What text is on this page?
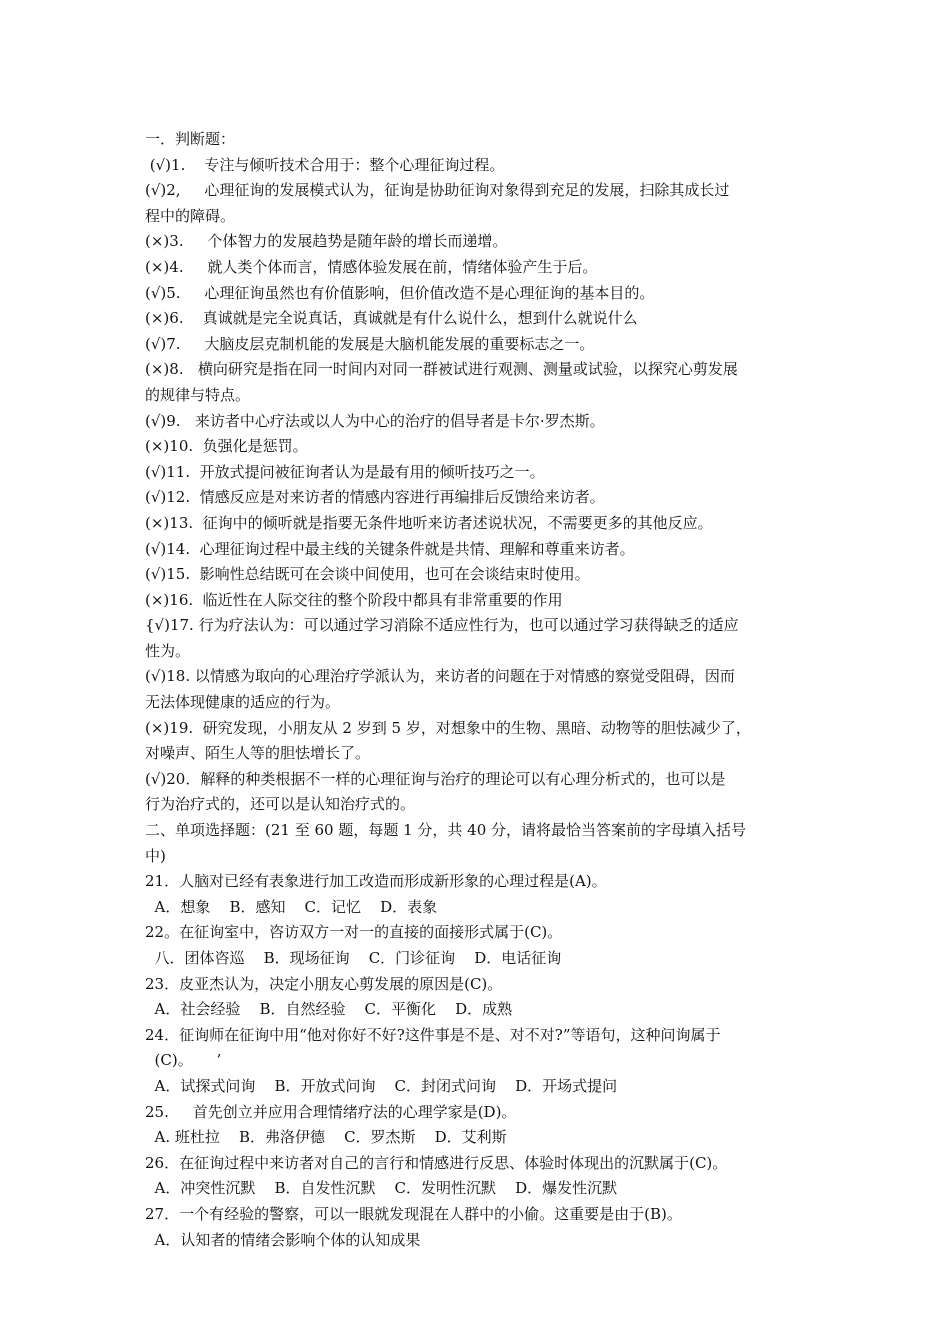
一．判断题：
(√)1.    专注与倾听技术合用于：整个心理征询过程。
(√)2,     心理征询的发展模式认为，征询是协助征询对象得到充足的发展，扫除其成长过
程中的障碍。
(×)3.     个体智力的发展趋势是随年龄的增长而递增。
(×)4.     就人类个体而言，情感体验发展在前，情绪体验产生于后。
(√)5.     心理征询虽然也有价值影响，但价值改造不是心理征询的基本目的。
(×)6.    真诚就是完全说真话，真诚就是有什么说什么，想到什么就说什么
(√)7.     大脑皮层克制机能的发展是大脑机能发展的重要标志之一。
(×)8.   横向研究是指在同一时间内对同一群被试进行观测、测量或试验，以探究心剪发展
的规律与特点。
(√)9.   来访者中心疗法或以人为中心的治疗的倡导者是卡尔·罗杰斯。
(×)10.  负强化是惩罚。
(√)11.  开放式提问被征询者认为是最有用的倾听技巧之一。
(√)12.  情感反应是对来访者的情感内容进行再编排后反馈给来访者。
(×)13.  征询中的倾听就是指要无条件地听来访者述说状况，不需要更多的其他反应。
(√)14.  心理征询过程中最主线的关键条件就是共情、理解和尊重来访者。
(√)15.  影响性总结既可在会谈中间使用，也可在会谈结束时使用。
(×)16.  临近性在人际交往的整个阶段中都具有非常重要的作用
{√)17. 行为疗法认为：可以通过学习消除不适应性行为，也可以通过学习获得缺乏的适应
性为。
(√)18. 以情感为取向的心理治疗学派认为，来访者的问题在于对情感的察觉受阻碍，因而
无法体现健康的适应的行为。
(×)19.  研究发现，小朋友从 2 岁到 5 岁，对想象中的生物、黑暗、动物等的胆怯减少了，
对噪声、陌生人等的胆怯增长了。
(√)20．解释的种类根据不一样的心理征询与治疗的理论可以有心理分析式的，也可以是
行为治疗式的，还可以是认知治疗式的。
二、单项选择题：(21 至 60 题，每题 1 分，共 40 分，请将最恰当答案前的字母填入括号
中)
21．人脑对已经有表象进行加工改造而形成新形象的心理过程是(A)。
A．想象    B．感知    C．记忆    D．表象
22。在征询室中，咨访双方一对一的直接的面接形式属于(C)。
八．团体咨巡    B．现场征询    C．门诊征询    D．电话征询
23．皮亚杰认为，决定小朋友心剪发展的原因是(C)。
A．社会经验    B．自然经验    C．平衡化    D．成熟
24．征询师在征询中用“他对你好不好?这件事是不是、对不对?”等语句，这种问询属于
(C)。     ’
A．试探式问询    B．开放式问询    C．封闭式问询    D．开场式提问
25.     首先创立并应用合理情绪疗法的心理学家是(D)。
A. 班杜拉    B．弗洛伊德    C．罗杰斯    D．艾利斯
26．在征询过程中来访者对自己的言行和情感进行反思、体验时体现出的沉默属于(C)。
A．冲突性沉默    B．自发性沉默    C．发明性沉默    D．爆发性沉默
27．一个有经验的警察，可以一眼就发现混在人群中的小偷。这重要是由于(B)。
A．认知者的情绪会影响个体的认知成果
